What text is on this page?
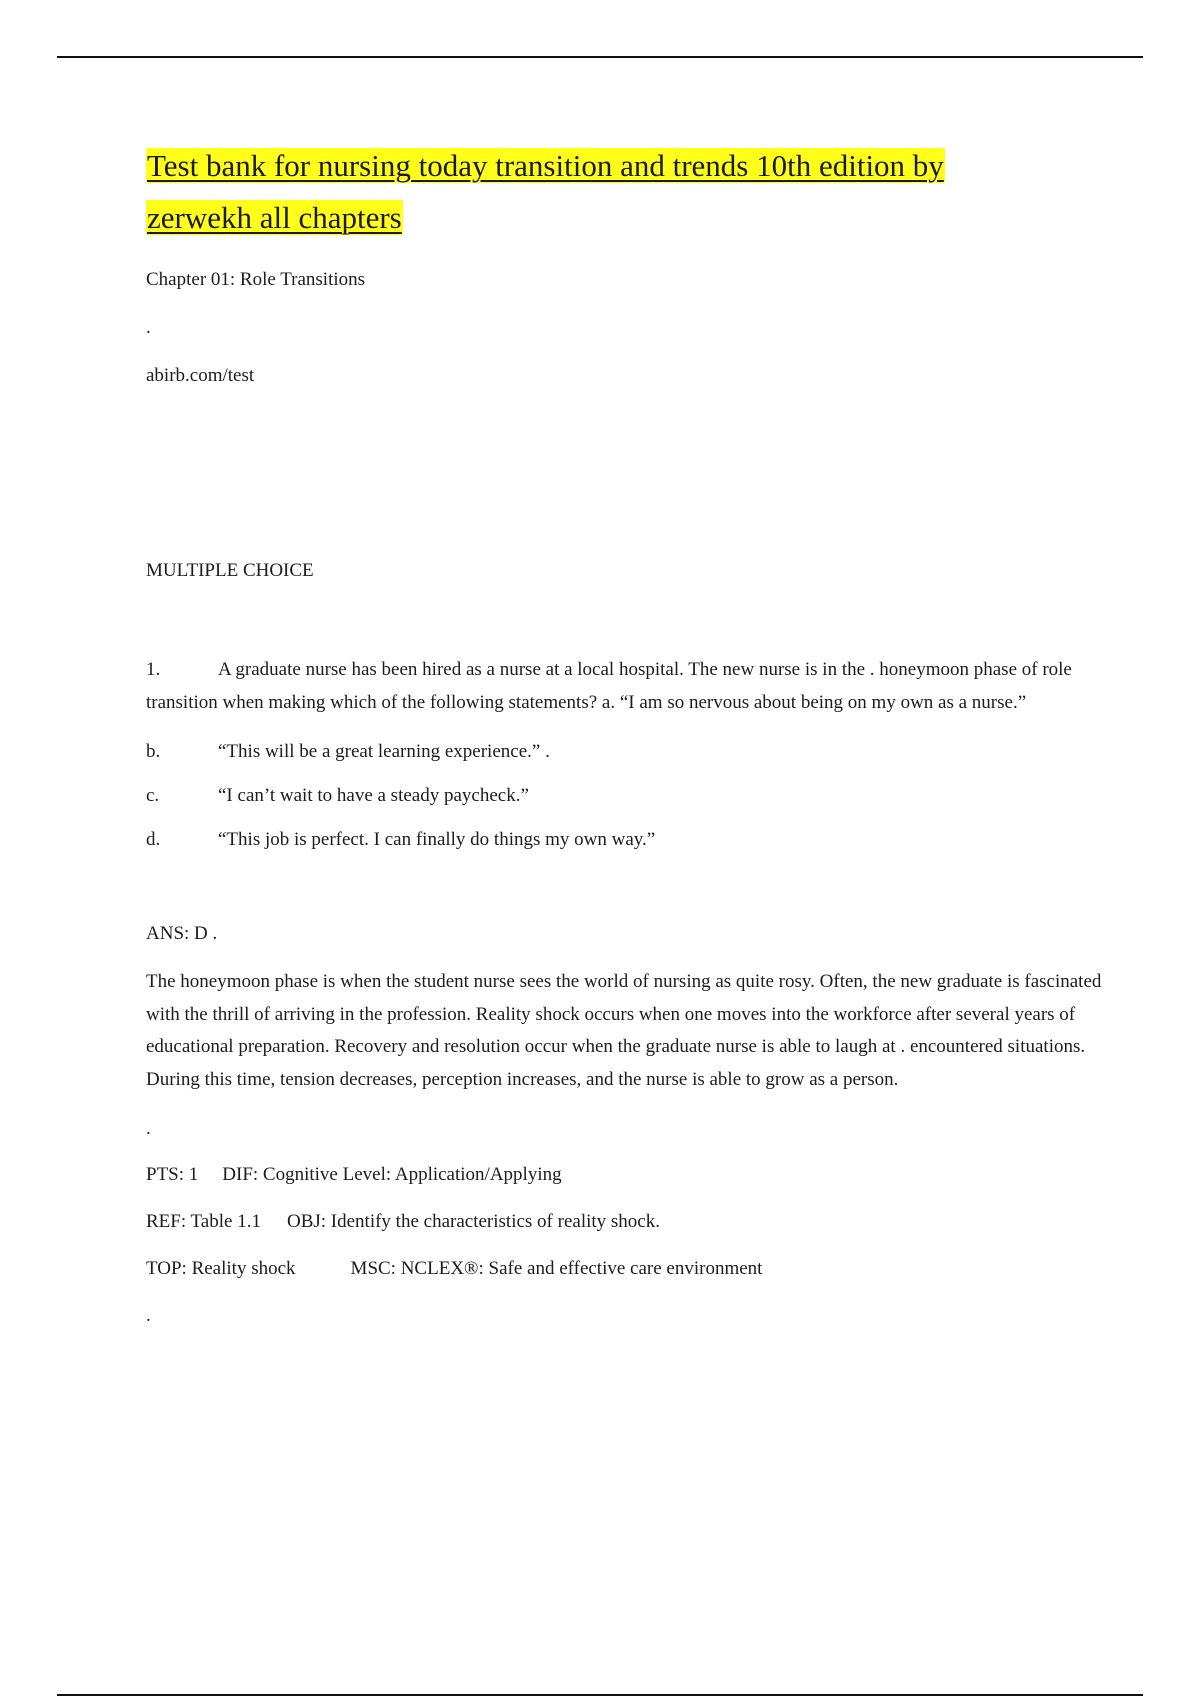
Test bank for nursing today transition and trends 10th edition by
zerwekh all chapters

Chapter 01: Role Transitions

.

abirb.com/test

MULTIPLE CHOICE

1.	A graduate nurse has been hired as a nurse at a local hospital. The new nurse is in the . honeymoon phase of role transition when making which of the following statements? a. “I am so nervous about being on my own as a nurse.”

b.	“This will be a great learning experience.” .
c.	“I can’t wait to have a steady paycheck.”
d.	“This job is perfect. I can finally do things my own way.”

ANS: D .

The honeymoon phase is when the student nurse sees the world of nursing as quite rosy. Often, the new graduate is fascinated with the thrill of arriving in the profession. Reality shock occurs when one moves into the workforce after several years of educational preparation. Recovery and resolution occur when the graduate nurse is able to laugh at . encountered situations. During this time, tension decreases, perception increases, and the nurse is able to grow as a person.

.

PTS: 1 DIF: Cognitive Level: Application/Applying

REF: Table 1.1 OBJ: Identify the characteristics of reality shock.

TOP: Reality shock	MSC: NCLEX®: Safe and effective care environment

.
